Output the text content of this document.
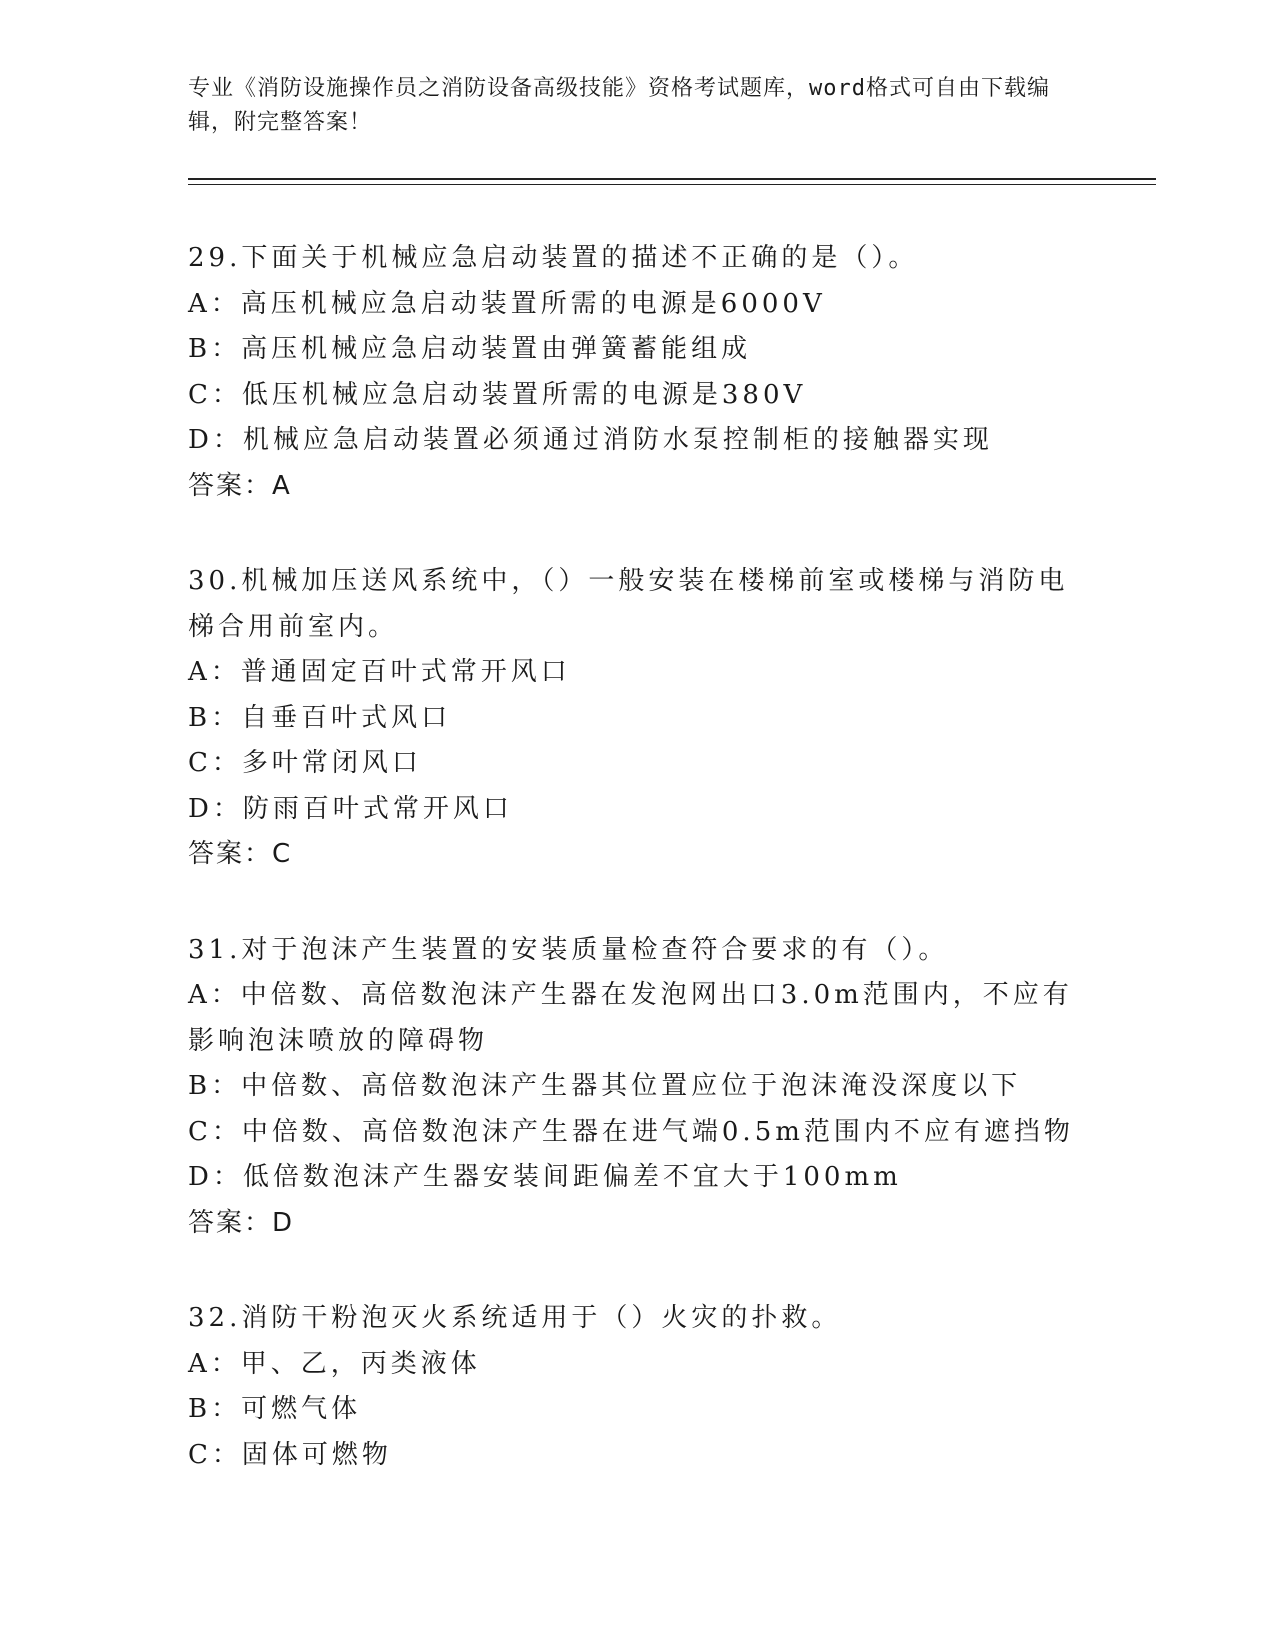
专业《消防设施操作员之消防设备高级技能》资格考试题库，word格式可自由下载编辑，附完整答案！
29.下面关于机械应急启动装置的描述不正确的是（）。
A：高压机械应急启动装置所需的电源是6000V
B：高压机械应急启动装置由弹簧蓄能组成
C：低压机械应急启动装置所需的电源是380V
D：机械应急启动装置必须通过消防水泵控制柜的接触器实现
答案：A
30.机械加压送风系统中，（）一般安装在楼梯前室或楼梯与消防电梯合用前室内。
A：普通固定百叶式常开风口
B：自垂百叶式风口
C：多叶常闭风口
D：防雨百叶式常开风口
答案：C
31.对于泡沫产生装置的安装质量检查符合要求的有（）。
A：中倍数、高倍数泡沫产生器在发泡网出口3.0m范围内，不应有影响泡沫喷放的障碍物
B：中倍数、高倍数泡沫产生器其位置应位于泡沫淹没深度以下
C：中倍数、高倍数泡沫产生器在进气端0.5m范围内不应有遮挡物
D：低倍数泡沫产生器安装间距偏差不宜大于100mm
答案：D
32.消防干粉泡灭火系统适用于（）火灾的扑救。
A：甲、乙，丙类液体
B：可燃气体
C：固体可燃物
